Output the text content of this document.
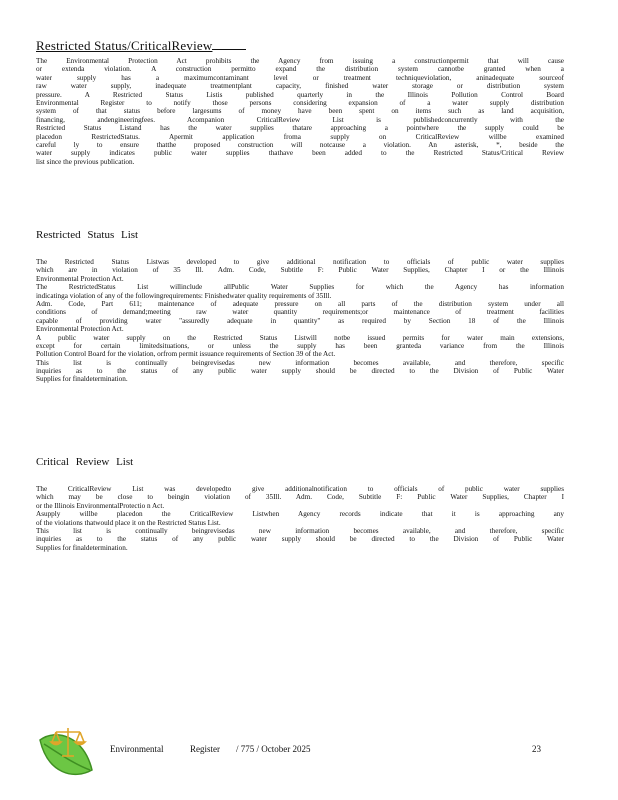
Restricted Status/CriticalReview
The Environmental Protection Act prohibits the Agency from issuing a constructionpermit that will cause
or extenda violation. A construction permitto expand the distribution system cannotbe granted when a
water supply has a maximumcontaminant level or treatment techniqueviolation, aninadequate sourceof
raw water supply, inadequate treatmentplant capacity, finished water storage or distribution system
pressure. A Restricted Status Listis published quarterly in the Illinois Pollution Control Board
Environmental Register to notify those persons considering expansion of a water supply distribution
system of that status before largesums of money have been spent on items such as land acquisition,
financing, andengineeringfees. Acompanion CriticalReview List is publishedconcurrently with the
Restricted Status Listand has the water supplies thatare approaching a pointwhere the supply could be
placedon RestrictedStatus. Apermit application froma supply on CriticalReview willbe examined
careful ly to ensure thatthe proposed construction will notcause a violation. An asterisk, *, beside the
water supply indicates public water supplies thathave been added to the Restricted Status/Critical Review
list since the previous publication.
Restricted Status List
The Restricted Status Listwas developed to give additional notification to officials of public water supplies
which are in violation of 35 Ill. Adm. Code, Subtitle F: Public Water Supplies, Chapter I or the Illinois
Environmental Protection Act.
The RestrictedStatus List willinclude allPublic Water Supplies for which the Agency has information
indicatinga violation of any of the followingrequirements: Finishedwater quality requirements of 35Ill.
Adm. Code, Part 611; maintenance of adequate pressure on all parts of the distribution system under all
conditions of demand;meeting raw water quantity requirements;or maintenance of treatment facilities
capable of providing water "assuredly adequate in quantity" as required by Section 18 of the Illinois
Environmental Protection Act.
A public water supply on the Restricted Status Listwill notbe issued permits for water main extensions,
except for certain limitedsituations, or unless the supply has been granteda variance from the Illinois
Pollution Control Board for the violation, orfrom permit issuance requirements of Section 39 of the Act.
This list is continually beingrevisedas new information becomes available, and therefore, specific
inquiries as to the status of any public water supply should be directed to the Division of Public Water
Supplies for finaldetermination.
Critical Review List
The CriticalReview List was developedto give additionalnotification to officials of public water supplies
which may be close to beingin violation of 35Ill. Adm. Code, Subtitle F: Public Water Supplies, Chapter I
or the Illinois EnvironmentalProtectio n Act.
Asupply willbe placedon the CriticalReview Listwhen Agency records indicate that it is approaching any
of the violations thatwould place it on the Restricted Status List.
This list is continually beingrevisedas new information becomes available, and therefore, specific
inquiries as to the status of any public water supply should be directed to the Division of Public Water
Supplies for finaldetermination.
Environmental	Register / 775 / October 2025	23
